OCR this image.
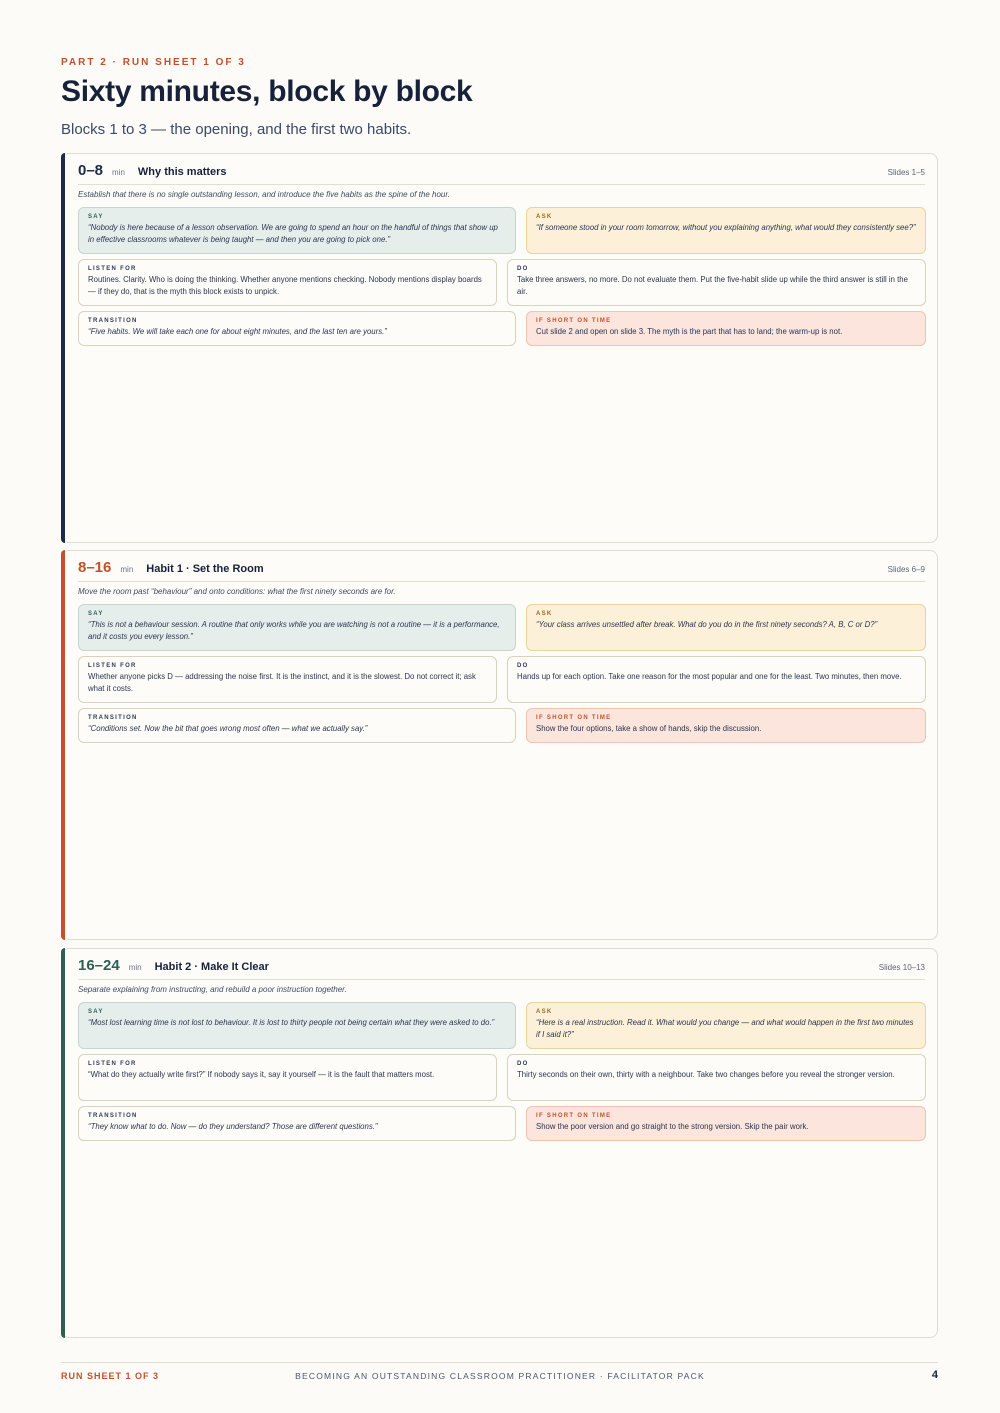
PART 2 · RUN SHEET 1 OF 3
Sixty minutes, block by block
Blocks 1 to 3 — the opening, and the first two habits.
0–8 min Why this matters	Slides 1–5
Establish that there is no single outstanding lesson, and introduce the five habits as the spine of the hour.
SAY
“Nobody is here because of a lesson observation. We are going to spend an hour on the handful of things that show up in effective classrooms whatever is being taught — and then you are going to pick one.”
ASK
“If someone stood in your room tomorrow, without you explaining anything, what would they consistently see?”
LISTEN FOR
Routines. Clarity. Who is doing the thinking. Whether anyone mentions checking. Nobody mentions display boards — if they do, that is the myth this block exists to unpick.
DO
Take three answers, no more. Do not evaluate them. Put the five-habit slide up while the third answer is still in the air.
TRANSITION
“Five habits. We will take each one for about eight minutes, and the last ten are yours.”
IF SHORT ON TIME
Cut slide 2 and open on slide 3. The myth is the part that has to land; the warm-up is not.
8–16 min Habit 1 · Set the Room	Slides 6–9
Move the room past “behaviour” and onto conditions: what the first ninety seconds are for.
SAY
“This is not a behaviour session. A routine that only works while you are watching is not a routine — it is a performance, and it costs you every lesson.”
ASK
“Your class arrives unsettled after break. What do you do in the first ninety seconds? A, B, C or D?”
LISTEN FOR
Whether anyone picks D — addressing the noise first. It is the instinct, and it is the slowest. Do not correct it; ask what it costs.
DO
Hands up for each option. Take one reason for the most popular and one for the least. Two minutes, then move.
TRANSITION
“Conditions set. Now the bit that goes wrong most often — what we actually say.”
IF SHORT ON TIME
Show the four options, take a show of hands, skip the discussion.
16–24 min Habit 2 · Make It Clear	Slides 10–13
Separate explaining from instructing, and rebuild a poor instruction together.
SAY
“Most lost learning time is not lost to behaviour. It is lost to thirty people not being certain what they were asked to do.”
ASK
“Here is a real instruction. Read it. What would you change — and what would happen in the first two minutes if I said it?”
LISTEN FOR
“What do they actually write first?” If nobody says it, say it yourself — it is the fault that matters most.
DO
Thirty seconds on their own, thirty with a neighbour. Take two changes before you reveal the stronger version.
TRANSITION
“They know what to do. Now — do they understand? Those are different questions.”
IF SHORT ON TIME
Show the poor version and go straight to the strong version. Skip the pair work.
RUN SHEET 1 OF 3	BECOMING AN OUTSTANDING CLASSROOM PRACTITIONER · FACILITATOR PACK	4
